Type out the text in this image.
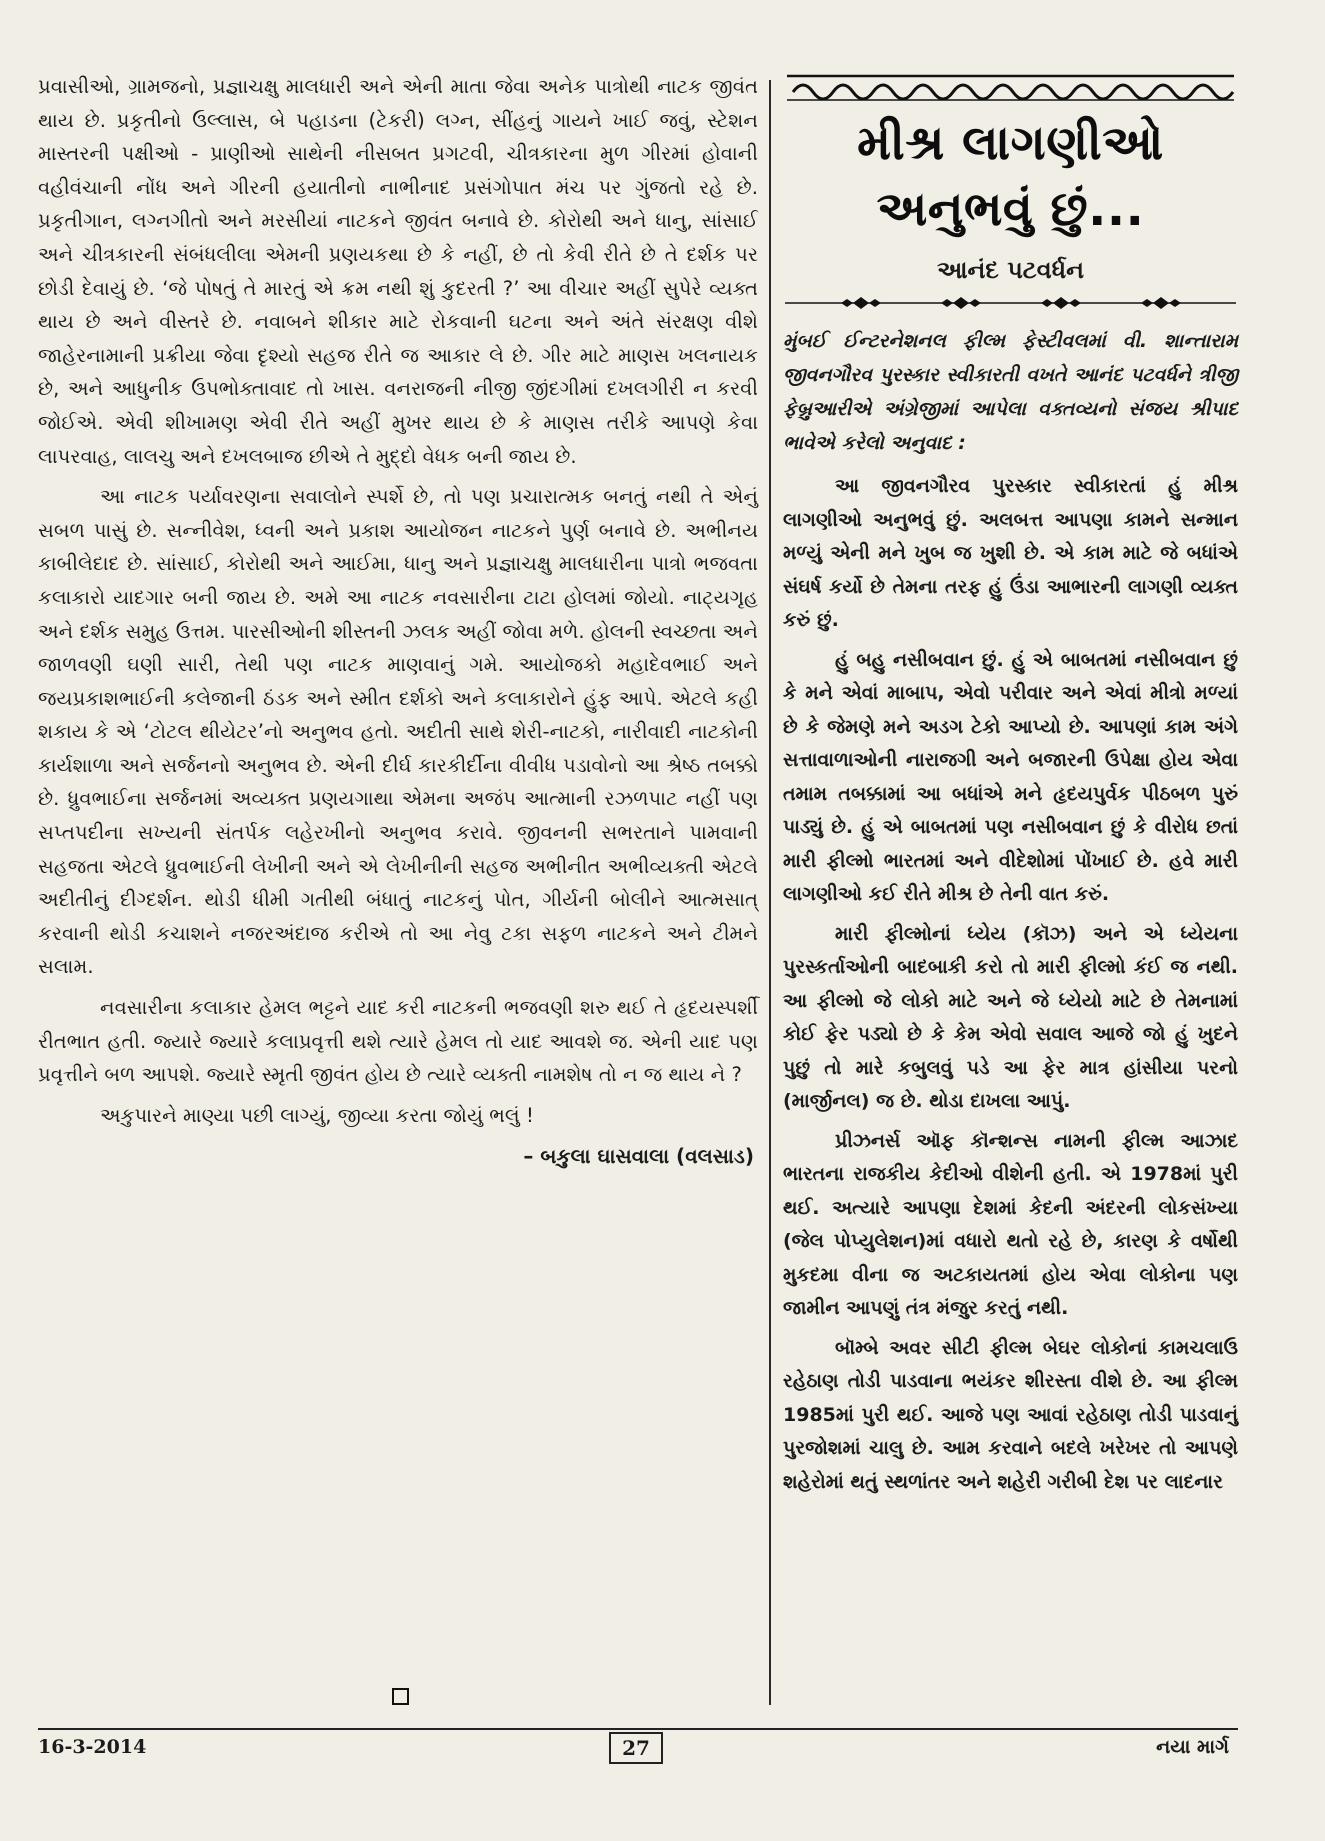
પ્રવાસીઓ, ગ્રામજનો, પ્રજ્ઞાચક્ષુ માલધારી અને એની માતા જેવા અનેક પાત્રોથી નાટક જીવંત થાય છે. પ્રકૃતીનો ઉલ્લાસ, બે પહાડના (ટેકરી) લગ્ન, સીંહનું ગાયને ખાઈ જવું, સ્ટેશન માસ્તરની પક્ષીઓ - પ્રાણીઓ સાથેની નીસબત પ્રગટવી, ચીત્રકારના મુળ ગીરમાં હોવાની વહીવંચાની નોંધ અને ગીરની હયાતીનો નાભીનાદ પ્રસંગોપાત મંચ પર ગુંજતો રહે છે. પ્રકૃતીગાન, લગ્નગીતો અને મરસીયાં નાટકને જીવંત બનાવે છે. કોરોથી અને ધાનુ, સાંસાઈ અને ચીત્રકારની સંબંધલીલા એમની પ્રણયકથા છે કે નહીં, છે તો કેવી રીતે છે તે દર્શક પર છોડી દેવાયું છે. ‘જે પોષતું તે મારતું એ ક્રમ નથી શું કુદરતી ?’ આ વીચાર અહીં સુપેરે વ્યક્ત થાય છે અને વીસ્તરે છે. નવાબને શીકાર માટે રોકવાની ઘટના અને અંતે સંરક્ષણ વીશે જાહેરનામાની પ્રક્રીયા જેવા દૃશ્યો સહજ રીતે જ આકાર લે છે. ગીર માટે માણસ ખલનાયક છે, અને આધુનીક ઉપભોક્તાવાદ તો ખાસ. વનરાજની નીજી જીંદગીમાં દખલગીરી ન કરવી જોઈએ. એવી શીખામણ એવી રીતે અહીં મુખર થાય છે કે માણસ તરીકે આપણે કેવા લાપરવાહ, લાલચુ અને દખલબાજ છીએ તે મુદ્દો વેધક બની જાય છે.

આ નાટક પર્યાવરણના સવાલોને સ્પર્શે છે, તો પણ પ્રચારાત્મક બનતું નથી તે એનું સબળ પાસું છે. સન્નીવેશ, ધ્વની અને પ્રકાશ આયોજન નાટકને પુર્ણ બનાવે છે. અભીનય કાબીલેદાદ છે. સાંસાઈ, કોરોથી અને આઈમા, ધાનુ અને પ્રજ્ઞાચક્ષુ માલધારીના પાત્રો ભજવતા કલાકારો યાદગાર બની જાય છે. અમે આ નાટક નવસારીના ટાટા હોલમાં જોયો. નાટ્યગૃહ અને દર્શક સમુહ ઉત્તમ. પારસીઓની શીસ્તની ઝલક અહીં જોવા મળે. હોલની સ્વચ્છતા અને જાળવણી ઘણી સારી, તેથી પણ નાટક માણવાનું ગમે. આયોજકો મહાદેવભાઈ અને જયપ્રકાશભાઈની કલેજાની ઠંડક અને સ્મીત દર્શકો અને કલાકારોને હુંફ આપે. એટલે કહી શકાય કે એ ‘ટોટલ થીયેટર’નો અનુભવ હતો. અદીતી સાથે શેરી-નાટકો, નારીવાદી નાટકોની કાર્યશાળા અને સર્જનનો અનુભવ છે. એની દીર્ઘ કારકીર્દીના વીવીધ પડાવોનો આ શ્રેષ્ઠ તબક્કો છે. ધ્રુવભાઈના સર્જનમાં અવ્યક્ત પ્રણયગાથા એમના અજંપ આત્માની રઝળપાટ નહીં પણ સપ્તપદીના સખ્યની સંતર્પક લહેરખીનો અનુભવ કરાવે. જીવનની સભરતાને પામવાની સહજતા એટલે ધ્રુવભાઈની લેખીની અને એ લેખીનીની સહજ અભીનીત અભીવ્યક્તી એટલે અદીતીનું દીગ્દર્શન. થોડી ધીમી ગતીથી બંધાતું નાટકનું પોત, ગીર્યની બોલીને આત્મસાત્ કરવાની થોડી કચાશને નજરઅંદાજ કરીએ તો આ નેવુ ટકા સફળ નાટકને અને ટીમને સલામ.

નવસારીના કલાકાર હેમલ ભટ્ટને યાદ કરી નાટકની ભજવણી શરુ થઈ તે હૃદયસ્પર્શી રીતભાત હતી. જ્યારે જ્યારે કલાપ્રવૃત્તી થશે ત્યારે હેમલ તો યાદ આવશે જ. એની યાદ પણ પ્રવૃત્તીને બળ આપશે. જ્યારે સ્મૃતી જીવંત હોય છે ત્યારે વ્યક્તી નામશેષ તો ન જ થાય ને ?

અકુપારને માણ્યા પછી લાગ્યું, જીવ્યા કરતા જોયું ભલું !

– બકુલા ઘાસવાલા (વલસાડ)
મીશ્ર લાગણીઓ
અનુભવું છું...
આનંદ પટવર્ધન
મુંબઈ ઈન્ટરનેશનલ ફીલ્મ ફેસ્ટીવલમાં વી. શાન્તારામ જીવનગૌરવ પુરસ્કાર સ્વીકારતી વખતે આનંદ પટવર્ધને ત્રીજી ફેબ્રુઆરીએ અંગ્રેજીમાં આપેલા વક્તવ્યનો સંજય શ્રીપાદ ભાવેએ કરેલો અનુવાદ :

આ જીવનગૌરવ પુરસ્કાર સ્વીકારતાં હું મીશ્ર લાગણીઓ અનુભવું છું. અલબત્ત આપણા કામને સન્માન મળ્યું એની મને ખુબ જ ખુશી છે. એ કામ માટે જે બધાંએ સંઘર્ષ કર્યો છે તેમના તરફ હું ઉંડા આભારની લાગણી વ્યક્ત કરું છું.

હું બહુ નસીબવાન છું. હું એ બાબતમાં નસીબવાન છું કે મને એવાં માબાપ, એવો પરીવાર અને એવાં મીત્રો મળ્યાં છે કે જેમણે મને અડગ ટેકો આપ્યો છે. આપણાં કામ અંગે સત્તાવાળાઓની નારાજગી અને બજારની ઉપેક્ષા હોય એવા તમામ તબક્કામાં આ બધાંએ મને હૃદયપુર્વક પીઠબળ પુરું પાડ્યું છે. હું એ બાબતમાં પણ નસીબવાન છું કે વીરોધ છતાં મારી ફીલ્મો ભારતમાં અને વીદેશોમાં પોંખાઈ છે. હવે મારી લાગણીઓ કઈ રીતે મીશ્ર છે તેની વાત કરું.

મારી ફીલ્મોનાં ધ્યેય (કૉઝ) અને એ ધ્યેયના પુરસ્કર્તાઓની બાદબાકી કરો તો મારી ફીલ્મો કંઈ જ નથી. આ ફીલ્મો જે લોકો માટે અને જે ધ્યેયો માટે છે તેમનામાં કોઈ ફેર પડ્યો છે કે કેમ એવો સવાલ આજે જો હું ખુદને પુછું તો મારે કબુલવું પડે આ ફેર માત્ર હાંસીયા પરનો (માર્જીનલ) જ છે. થોડા દાખલા આપું.

પ્રીઝનર્સ ઑફ કૉન્શન્સ નામની ફીલ્મ આઝાદ ભારતના રાજકીય કેદીઓ વીશેની હતી. એ 1978માં પુરી થઈ. અત્યારે આપણા દેશમાં કેદની અંદરની લોકસંખ્યા (જેલ પોપ્યુલેશન)માં વધારો થતો રહે છે, કારણ કે વર્ષોથી મુકદમા વીના જ અટકાયતમાં હોય એવા લોકોના પણ જામીન આપણું તંત્ર મંજુર કરતું નથી.

બૉમ્બે અવર સીટી ફીલ્મ બેઘર લોકોનાં કામચલાઉ રહેઠાણ તોડી પાડવાના ભયંકર શીરસ્તા વીશે છે. આ ફીલ્મ 1985માં પુરી થઈ. આજે પણ આવાં રહેઠાણ તોડી પાડવાનું પુરજોશમાં ચાલુ છે. આમ કરવાને બદલે ખરેખર તો આપણે શહેરોમાં થતું સ્થળાંતર અને શહેરી ગરીબી દેશ પર લાદનાર

16-3-2014	27	નયા માર્ગ
